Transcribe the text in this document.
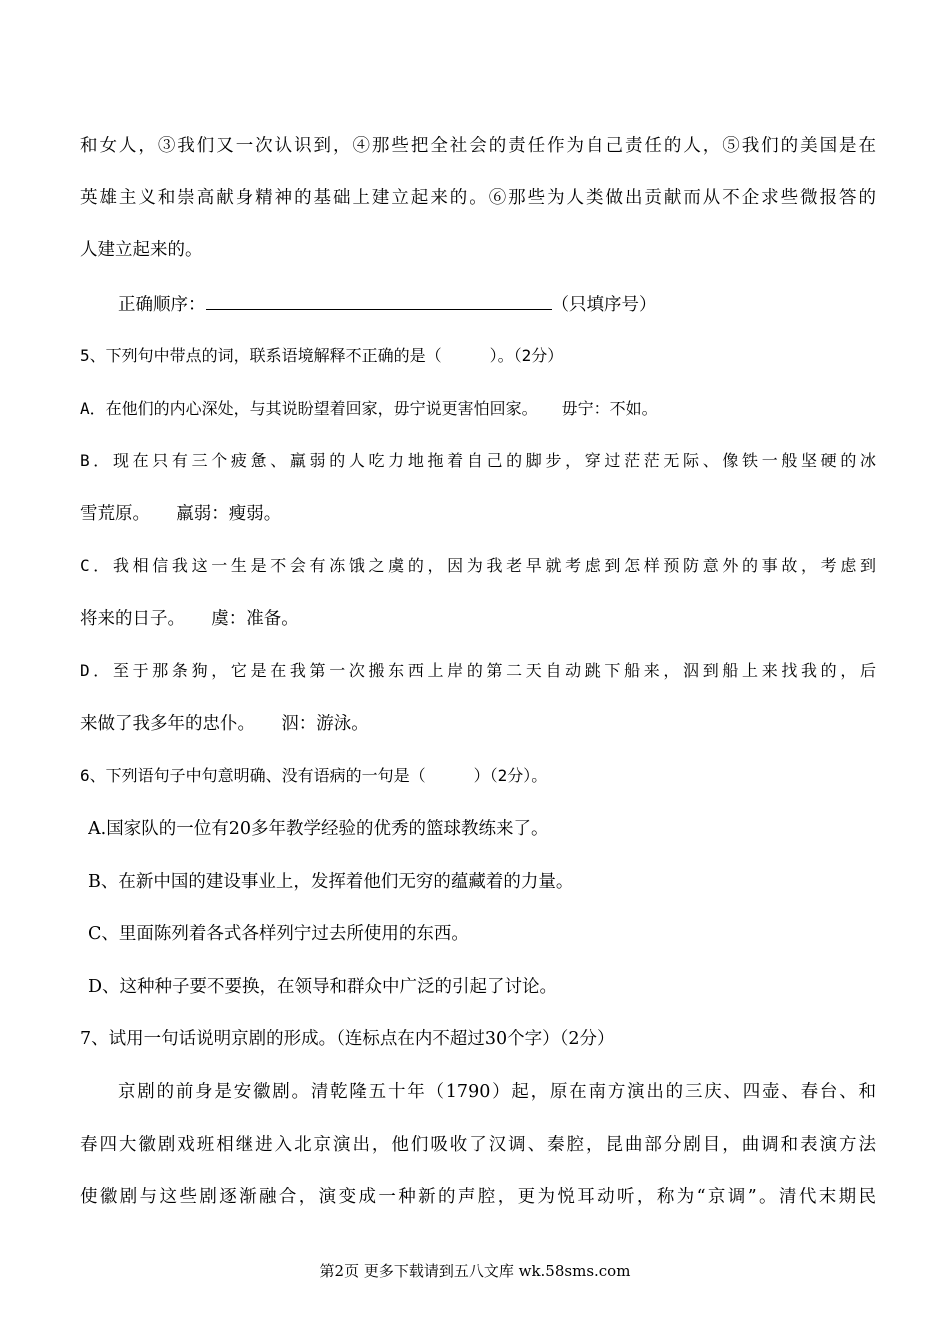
和女人，③我们又一次认识到，④那些把全社会的责任作为自己责任的人，⑤我们的美国是在
英雄主义和崇高献身精神的基础上建立起来的。⑥那些为人类做出贡献而从不企求些微报答的
人建立起来的。
正确顺序：	（只填序号）
5、下列句中带点的词，联系语境解释不正确的是（　　　）。（2分）
A．在他们的内心深处，与其说盼望着回家，毋宁说更害怕回家。　　毋宁：不如。
B．现在只有三个疲惫、羸弱的人吃力地拖着自己的脚步，穿过茫茫无际、像铁一般坚硬的冰
雪荒原。　　羸弱：瘦弱。
C．我相信我这一生是不会有冻饿之虞的，因为我老早就考虑到怎样预防意外的事故，考虑到
将来的日子。　　虞：准备。
D．至于那条狗，它是在我第一次搬东西上岸的第二天自动跳下船来，泅到船上来找我的，后
来做了我多年的忠仆。　　泅：游泳。
6、下列语句子中句意明确、没有语病的一句是（　　　）（2分）。
A.国家队的一位有20多年教学经验的优秀的篮球教练来了。
B、在新中国的建设事业上，发挥着他们无穷的蕴藏着的力量。
C、里面陈列着各式各样列宁过去所使用的东西。
D、这种种子要不要换，在领导和群众中广泛的引起了讨论。
7、试用一句话说明京剧的形成。（连标点在内不超过30个字）（2分）
京剧的前身是安徽剧。清乾隆五十年（1790）起，原在南方演出的三庆、四壶、春台、和
春四大徽剧戏班相继进入北京演出，他们吸收了汉调、秦腔，昆曲部分剧目，曲调和表演方法
使徽剧与这些剧逐渐融合，演变成一种新的声腔，更为悦耳动听，称为“京调”。清代末期民
第2页 更多下载请到五八文库 wk.58sms.com
